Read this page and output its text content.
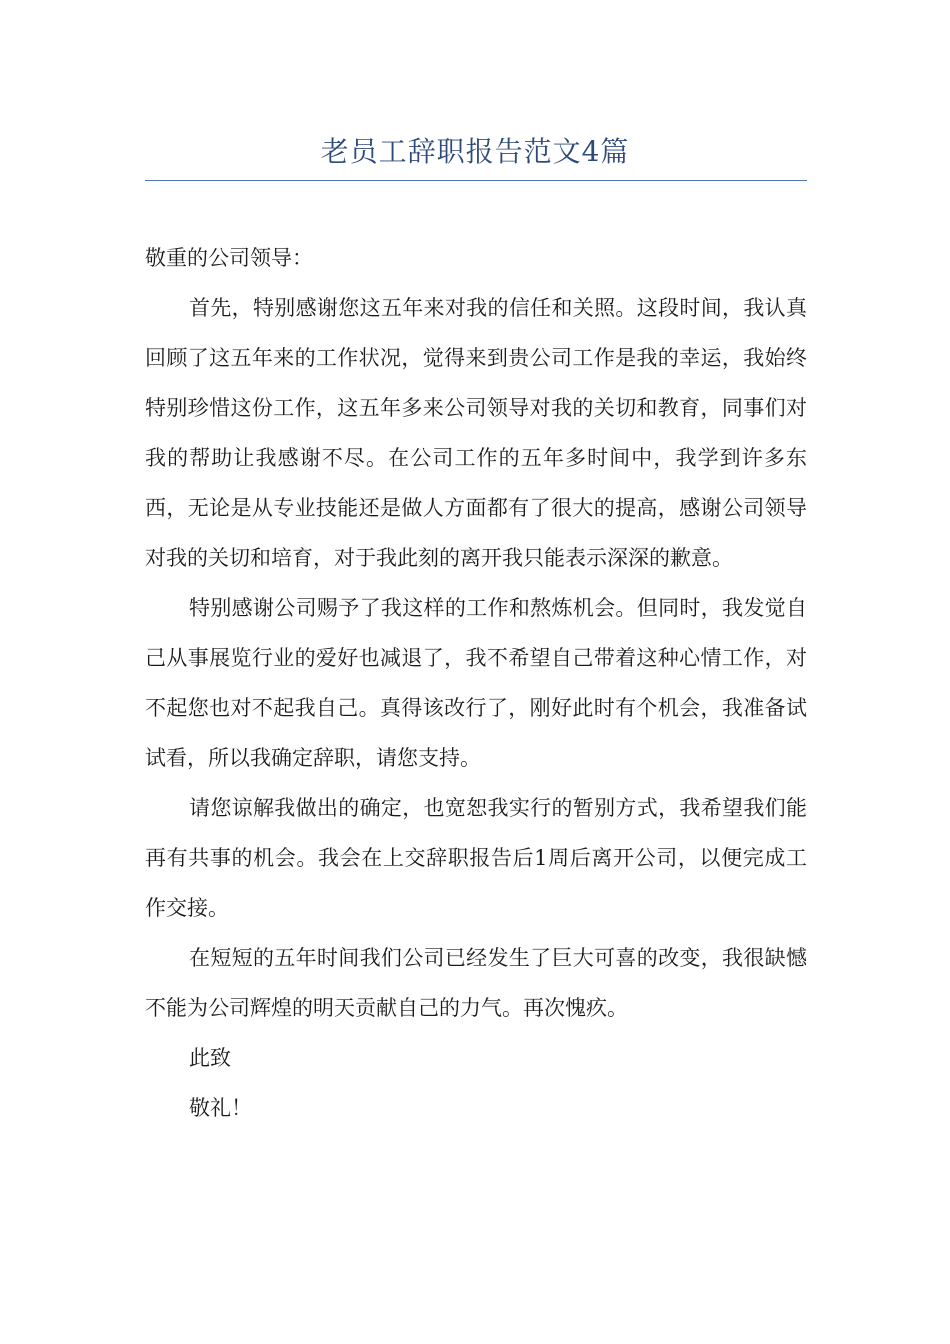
老员工辞职报告范文4篇

敬重的公司领导：

首先，特别感谢您这五年来对我的信任和关照。这段时间，我认真回顾了这五年来的工作状况，觉得来到贵公司工作是我的幸运，我始终特别珍惜这份工作，这五年多来公司领导对我的关切和教育，同事们对我的帮助让我感谢不尽。在公司工作的五年多时间中，我学到许多东西，无论是从专业技能还是做人方面都有了很大的提高，感谢公司领导对我的关切和培育，对于我此刻的离开我只能表示深深的歉意。

特别感谢公司赐予了我这样的工作和熬炼机会。但同时，我发觉自己从事展览行业的爱好也减退了，我不希望自己带着这种心情工作，对不起您也对不起我自己。真得该改行了，刚好此时有个机会，我准备试试看，所以我确定辞职，请您支持。

请您谅解我做出的确定，也宽恕我实行的暂别方式，我希望我们能再有共事的机会。我会在上交辞职报告后1周后离开公司，以便完成工作交接。

在短短的五年时间我们公司已经发生了巨大可喜的改变，我很缺憾不能为公司辉煌的明天贡献自己的力气。再次愧疚。

此致

敬礼！
